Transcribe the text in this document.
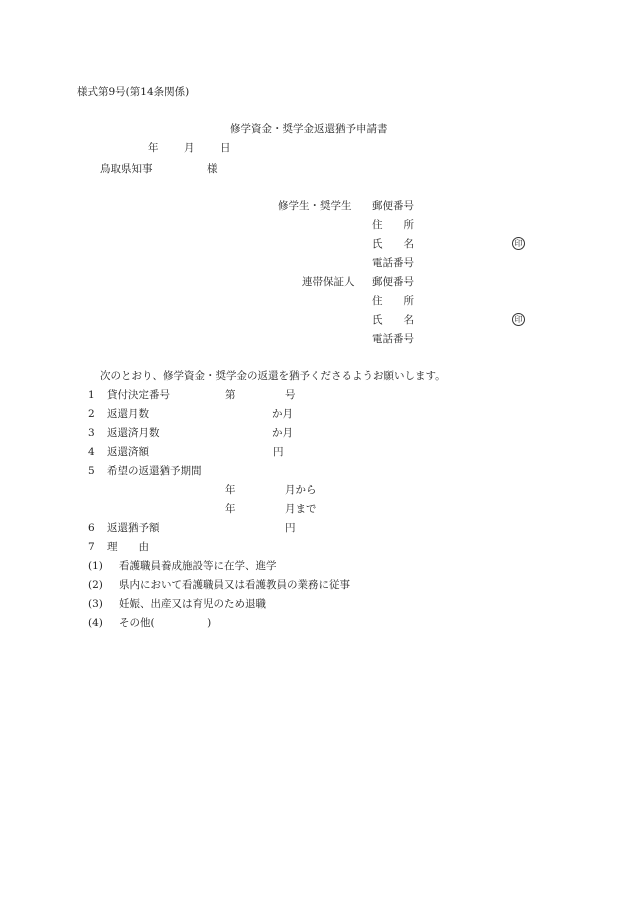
様式第9号(第14条関係)
修学資金・奨学金返還猶予申請書
年 月 日
鳥取県知事	様
修学生・奨学生 郵便番号
住　　所
氏　　名	印
電話番号
連帯保証人 郵便番号
住　　所
氏　　名	印
電話番号
次のとおり、修学資金・奨学金の返還を猶予くださるようお願いします。
1 貸付決定番号	第	号
2 返還月数	か月
3 返還済月数	か月
4 返還済額	円
5 希望の返還猶予期間
年	月から
年	月まで
6 返還猶予額	円
7 理　　由
(1) 看護職員養成施設等に在学、進学
(2) 県内において看護職員又は看護教員の業務に従事
(3) 妊娠、出産又は育児のため退職
(4) その他(　　　　　)
